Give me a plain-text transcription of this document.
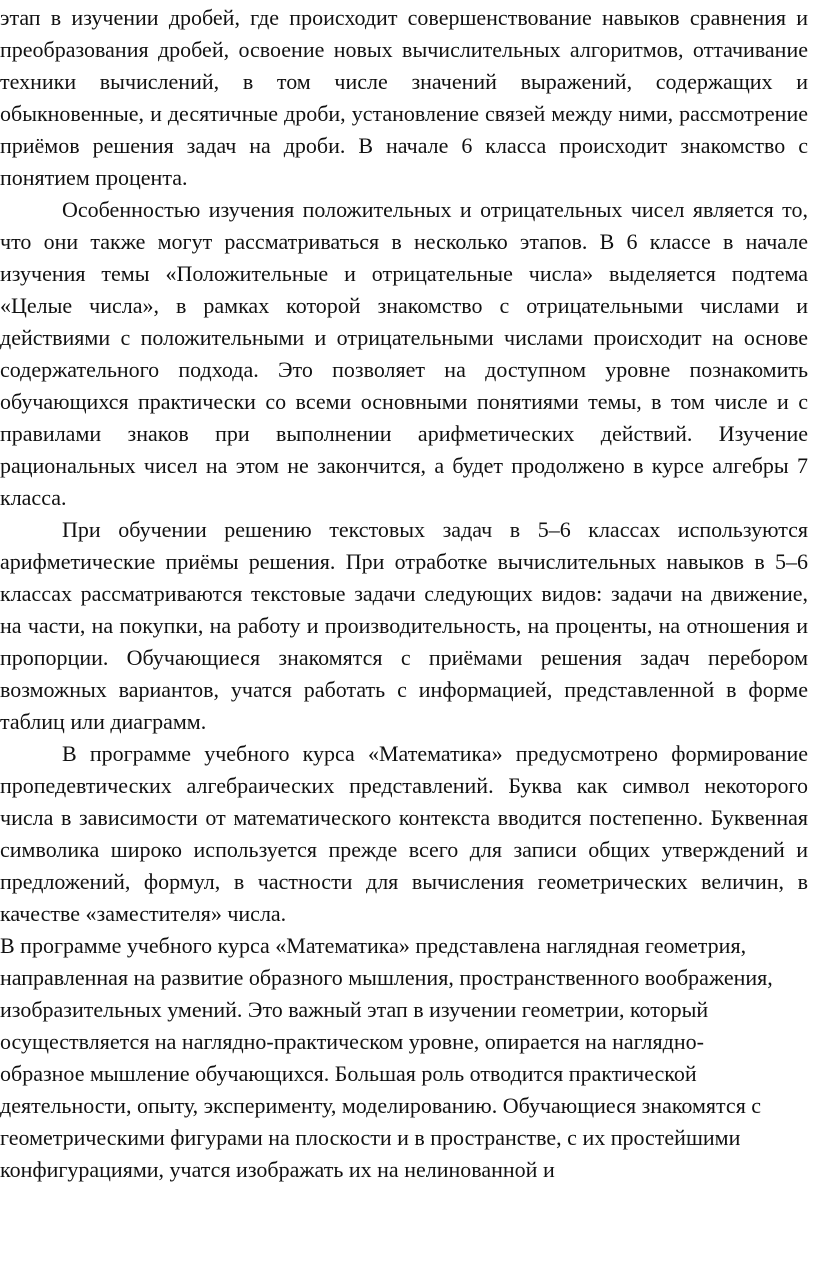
этап в изучении дробей, где происходит совершенствование навыков сравнения и преобразования дробей, освоение новых вычислительных алгоритмов, оттачивание техники вычислений, в том числе значений выражений, содержащих и обыкновенные, и десятичные дроби, установление связей между ними, рассмотрение приёмов решения задач на дроби. В начале 6 класса происходит знакомство с понятием процента.

Особенностью изучения положительных и отрицательных чисел является то, что они также могут рассматриваться в несколько этапов. В 6 классе в начале изучения темы «Положительные и отрицательные числа» выделяется подтема «Целые числа», в рамках которой знакомство с отрицательными числами и действиями с положительными и отрицательными числами происходит на основе содержательного подхода. Это позволяет на доступном уровне познакомить обучающихся практически со всеми основными понятиями темы, в том числе и с правилами знаков при выполнении арифметических действий. Изучение рациональных чисел на этом не закончится, а будет продолжено в курсе алгебры 7 класса.

При обучении решению текстовых задач в 5–6 классах используются арифметические приёмы решения. При отработке вычислительных навыков в 5–6 классах рассматриваются текстовые задачи следующих видов: задачи на движение, на части, на покупки, на работу и производительность, на проценты, на отношения и пропорции. Обучающиеся знакомятся с приёмами решения задач перебором возможных вариантов, учатся работать с информацией, представленной в форме таблиц или диаграмм.

В программе учебного курса «Математика» предусмотрено формирование пропедевтических алгебраических представлений. Буква как символ некоторого числа в зависимости от математического контекста вводится постепенно. Буквенная символика широко используется прежде всего для записи общих утверждений и предложений, формул, в частности для вычисления геометрических величин, в качестве «заместителя» числа.

В программе учебного курса «Математика» представлена наглядная геометрия, направленная на развитие образного мышления, пространственного воображения, изобразительных умений. Это важный этап в изучении геометрии, который осуществляется на наглядно-практическом уровне, опирается на наглядно-образное мышление обучающихся. Большая роль отводится практической деятельности, опыту, эксперименту, моделированию. Обучающиеся знакомятся с геометрическими фигурами на плоскости и в пространстве, с их простейшими конфигурациями, учатся изображать их на нелинованной и
